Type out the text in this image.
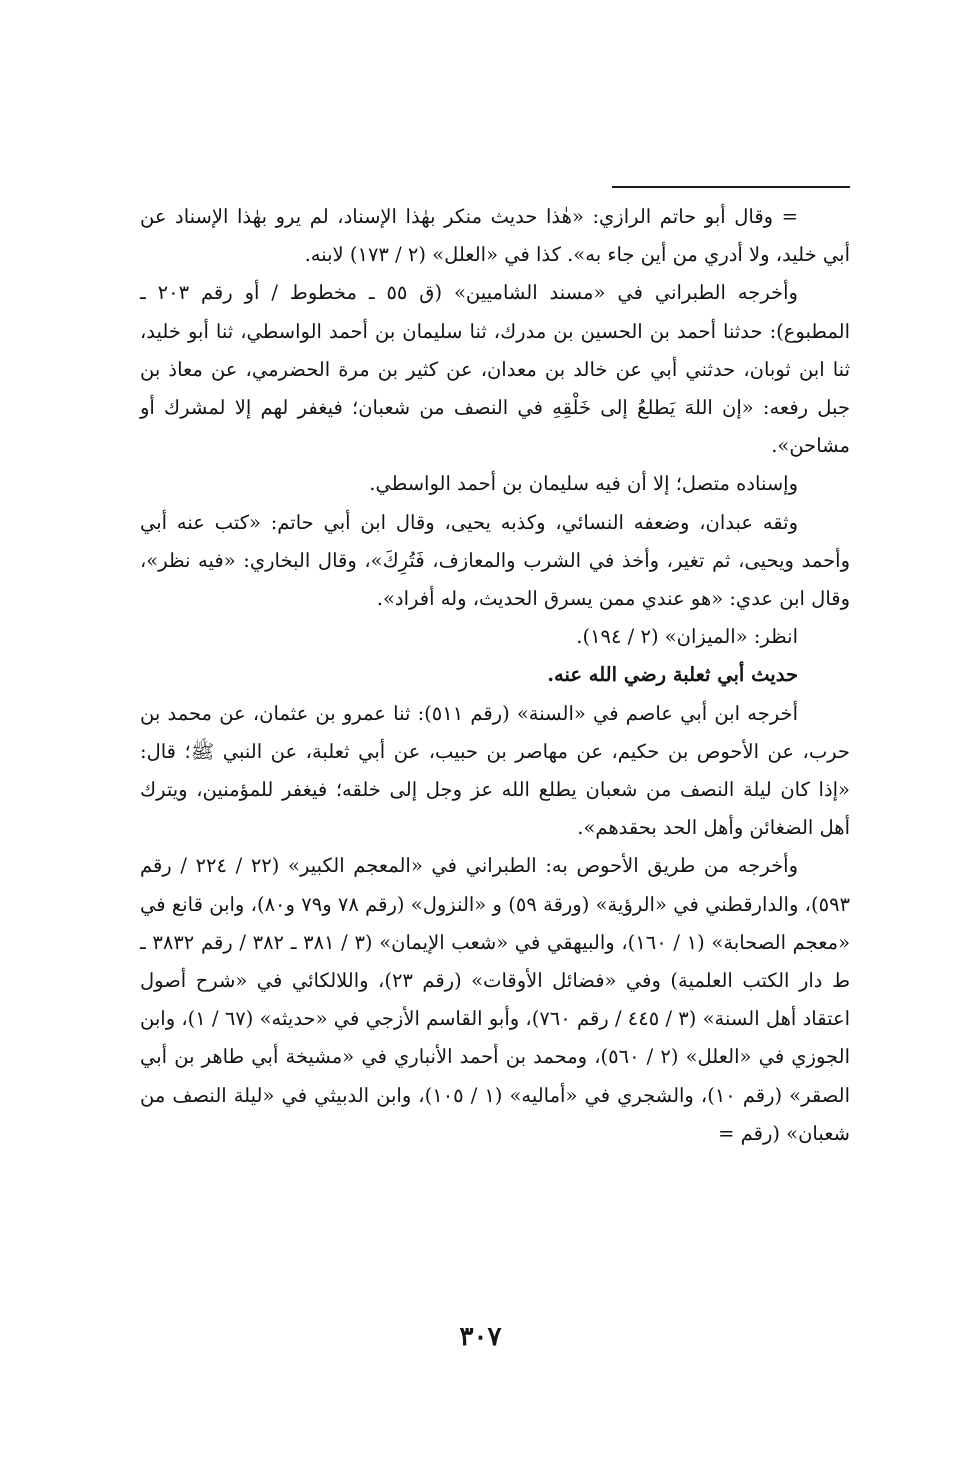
= وقال أبو حاتم الرازي: «هٰذا حديث منكر بهٰذا الإسناد، لم يرو بهٰذا الإسناد عن أبي خليد، ولا أدري من أين جاء به». كذا في «العلل» (٢ / ١٧٣) لابنه.

وأخرجه الطبراني في «مسند الشاميين» (ق ٥٥ ـ مخطوط / أو رقم ٢٠٣ ـ المطبوع): حدثنا أحمد بن الحسين بن مدرك، ثنا سليمان بن أحمد الواسطي، ثنا أبو خليد، ثنا ابن ثوبان، حدثني أبي عن خالد بن معدان، عن كثير بن مرة الحضرمي، عن معاذ بن جبل رفعه: «إن اللهَ يَطلعُ إلى خَلْقِهِ في النصف من شعبان؛ فيغفر لهم إلا لمشرك أو مشاحن».

وإسناده متصل؛ إلا أن فيه سليمان بن أحمد الواسطي.

وثقه عبدان، وضعفه النسائي، وكذبه يحيى، وقال ابن أبي حاتم: «كتب عنه أبي وأحمد ويحيى، ثم تغير، وأخذ في الشرب والمعازف، فَتُرِكَ»، وقال البخاري: «فيه نظر»، وقال ابن عدي: «هو عندي ممن يسرق الحديث، وله أفراد».

انظر: «الميزان» (٢ / ١٩٤).

حديث أبي ثعلبة رضي الله عنه.

أخرجه ابن أبي عاصم في «السنة» (رقم ٥١١): ثنا عمرو بن عثمان، عن محمد بن حرب، عن الأحوص بن حكيم، عن مهاصر بن حبيب، عن أبي ثعلبة، عن النبي ﷺ؛ قال: «إذا كان ليلة النصف من شعبان يطلع الله عز وجل إلى خلقه؛ فيغفر للمؤمنين، ويترك أهل الضغائن وأهل الحد بحقدهم».

وأخرجه من طريق الأحوص به: الطبراني في «المعجم الكبير» (٢٢ / ٢٢٤ / رقم ٥٩٣)، والدارقطني في «الرؤية» (ورقة ٥٩) و «النزول» (رقم ٧٨ و٧٩ و٨٠)، وابن قانع في «معجم الصحابة» (١ / ١٦٠)، والبيهقي في «شعب الإيمان» (٣ / ٣٨١ ـ ٣٨٢ / رقم ٣٨٣٢ ـ ط دار الكتب العلمية) وفي «فضائل الأوقات» (رقم ٢٣)، واللالكائي في «شرح أصول اعتقاد أهل السنة» (٣ / ٤٤٥ / رقم ٧٦٠)، وأبو القاسم الأزجي في «حديثه» (٦٧ / ١)، وابن الجوزي في «العلل» (٢ / ٥٦٠)، ومحمد بن أحمد الأنباري في «مشيخة أبي طاهر بن أبي الصقر» (رقم ١٠)، والشجري في «أماليه» (١ / ١٠٥)، وابن الدبيثي في «ليلة النصف من شعبان» (رقم =

٣٠٧
